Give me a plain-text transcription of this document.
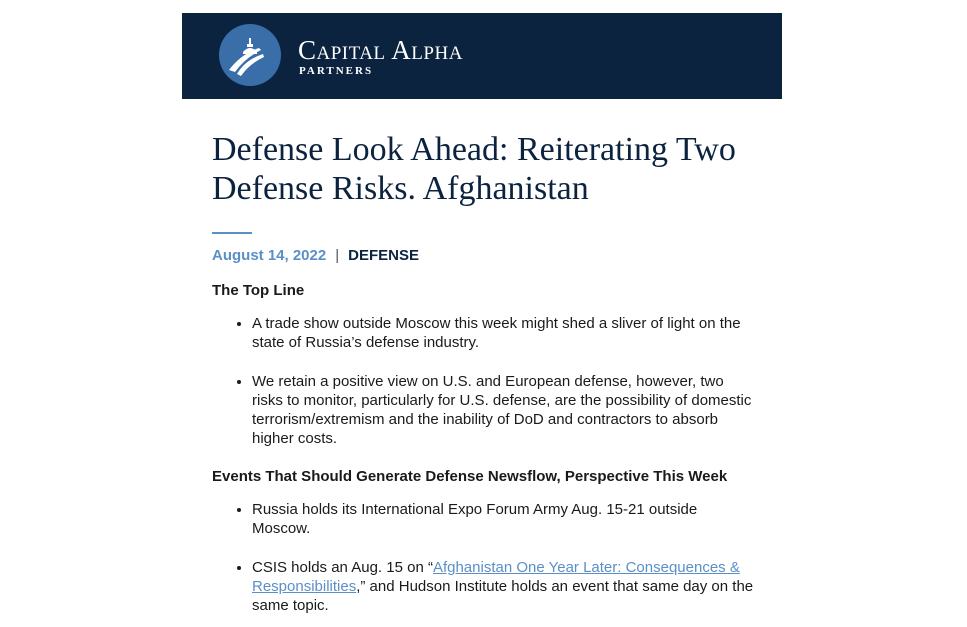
Capital Alpha
PARTNERS
Defense Look Ahead: Reiterating Two Defense Risks. Afghanistan
August 14, 2022 | DEFENSE
The Top Line
• A trade show outside Moscow this week might shed a sliver of light on the state of Russia’s defense industry.
• We retain a positive view on U.S. and European defense, however, two risks to monitor, particularly for U.S. defense, are the possibility of domestic terrorism/extremism and the inability of DoD and contractors to absorb higher costs.
Events That Should Generate Defense Newsflow, Perspective This Week
• Russia holds its International Expo Forum Army Aug. 15-21 outside Moscow.
• CSIS holds an Aug. 15 on “Afghanistan One Year Later: Consequences & Responsibilities,” and Hudson Institute holds an event that same day on the same topic.
